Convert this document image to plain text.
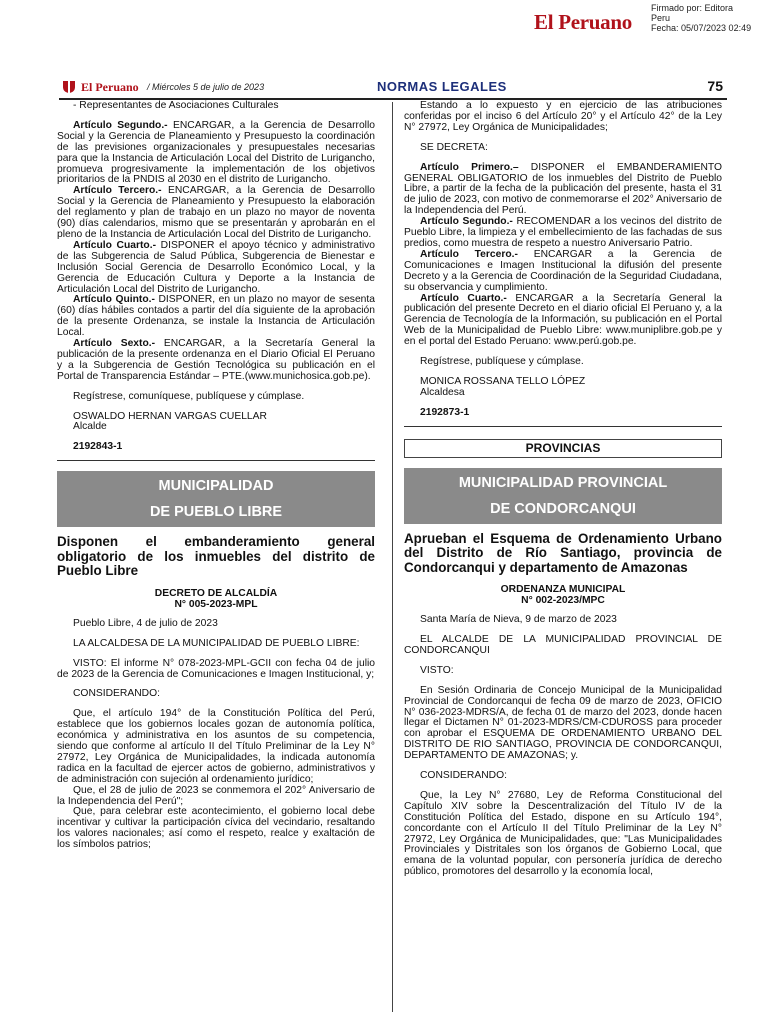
El Peruano
Firmado por: Editora
Peru
Fecha: 05/07/2023 02:49
El Peruano / Miércoles 5 de julio de 2023	NORMAS LEGALES	75

- Representantes de Asociaciones Culturales

Artículo Segundo.- ENCARGAR, a la Gerencia de Desarrollo Social y la Gerencia de Planeamiento y Presupuesto la coordinación de las previsiones organizacionales y presupuestales necesarias para que la Instancia de Articulación Local del Distrito de Lurigancho, promueva progresivamente la implementación de los objetivos prioritarios de la PNDIS al 2030 en el distrito de Lurigancho.

Artículo Tercero.- ENCARGAR, a la Gerencia de Desarrollo Social y la Gerencia de Planeamiento y Presupuesto la elaboración del reglamento y plan de trabajo en un plazo no mayor de noventa (90) días calendarios, mismo que se presentarán y aprobarán en el pleno de la Instancia de Articulación Local del Distrito de Lurigancho.

Artículo Cuarto.- DISPONER el apoyo técnico y administrativo de las Subgerencia de Salud Pública, Subgerencia de Bienestar e Inclusión Social Gerencia de Desarrollo Económico Local, y la Gerencia de Educación Cultura y Deporte a la Instancia de Articulación Local del Distrito de Lurigancho.

Artículo Quinto.- DISPONER, en un plazo no mayor de sesenta (60) días hábiles contados a partir del día siguiente de la aprobación de la presente Ordenanza, se instale la Instancia de Articulación Local.

Artículo Sexto.- ENCARGAR, a la Secretaría General la publicación de la presente ordenanza en el Diario Oficial El Peruano y a la Subgerencia de Gestión Tecnológica su publicación en el Portal de Transparencia Estándar – PTE.(www.munichosica.gob.pe).

Regístrese, comuníquese, publíquese y cúmplase.

OSWALDO HERNAN VARGAS CUELLAR

Alcalde

2192843-1

MUNICIPALIDAD
DE PUEBLO LIBRE
Disponen el embanderamiento general obligatorio de los inmuebles del distrito de Pueblo Libre
DECRETO DE ALCALDÍA
N° 005-2023-MPL

Pueblo Libre, 4 de julio de 2023

LA ALCALDESA DE LA MUNICIPALIDAD DE PUEBLO LIBRE:

VISTO: El informe N° 078-2023-MPL-GCII con fecha 04 de julio de 2023 de la Gerencia de Comunicaciones e Imagen Institucional, y;

CONSIDERANDO:

Que, el artículo 194° de la Constitución Política del Perú, establece que los gobiernos locales gozan de autonomía política, económica y administrativa en los asuntos de su competencia, siendo que conforme al artículo II del Título Preliminar de la Ley N° 27972, Ley Orgánica de Municipalidades, la indicada autonomía radica en la facultad de ejercer actos de gobierno, administrativos y de administración con sujeción al ordenamiento jurídico;

Que, el 28 de julio de 2023 se conmemora el 202° Aniversario de la Independencia del Perú";

Que, para celebrar este acontecimiento, el gobierno local debe incentivar y cultivar la participación cívica del vecindario, resaltando los valores nacionales; así como el respeto, realce y exaltación de los símbolos patrios;

Estando a lo expuesto y en ejercicio de las atribuciones conferidas por el inciso 6 del Artículo 20° y el Artículo 42° de la Ley N° 27972, Ley Orgánica de Municipalidades;

SE DECRETA:

Artículo Primero.– DISPONER el EMBANDERAMIENTO GENERAL OBLIGATORIO de los inmuebles del Distrito de Pueblo Libre, a partir de la fecha de la publicación del presente, hasta el 31 de julio de 2023, con motivo de conmemorarse el 202° Aniversario de la Independencia del Perú.

Artículo Segundo.- RECOMENDAR a los vecinos del distrito de Pueblo Libre, la limpieza y el embellecimiento de las fachadas de sus predios, como muestra de respeto a nuestro Aniversario Patrio.

Artículo Tercero.- ENCARGAR a la Gerencia de Comunicaciones e Imagen Institucional la difusión del presente Decreto y a la Gerencia de Coordinación de la Seguridad Ciudadana, su observancia y cumplimiento.

Artículo Cuarto.- ENCARGAR a la Secretaría General la publicación del presente Decreto en el diario oficial El Peruano y, a la Gerencia de Tecnología de la Información, su publicación en el Portal Web de la Municipalidad de Pueblo Libre: www.muniplibre.gob.pe y en el portal del Estado Peruano: www.perú.gob.pe.

Regístrese, publíquese y cúmplase.

MONICA ROSSANA TELLO LÓPEZ

Alcaldesa

2192873-1

PROVINCIAS
MUNICIPALIDAD PROVINCIAL
DE CONDORCANQUI
Aprueban el Esquema de Ordenamiento Urbano del Distrito de Río Santiago, provincia de Condorcanqui y departamento de Amazonas
ORDENANZA MUNICIPAL
N° 002-2023/MPC

Santa María de Nieva, 9 de marzo de 2023

EL ALCALDE DE LA MUNICIPALIDAD PROVINCIAL DE CONDORCANQUI

VISTO:

En Sesión Ordinaria de Concejo Municipal de la Municipalidad Provincial de Condorcanqui de fecha 09 de marzo de 2023, OFICIO N° 036-2023-MDRS/A, de fecha 01 de marzo del 2023, donde hacen llegar el Dictamen N° 01-2023-MDRS/CM-CDUROSS para proceder con aprobar el ESQUEMA DE ORDENAMIENTO URBANO DEL DISTRITO DE RIO SANTIAGO, PROVINCIA DE CONDORCANQUI, DEPARTAMENTO DE AMAZONAS; y.

CONSIDERANDO:

Que, la Ley N° 27680, Ley de Reforma Constitucional del Capítulo XIV sobre la Descentralización del Título IV de la Constitución Política del Estado, dispone en su Artículo 194°, concordante con el Artículo II del Título Preliminar de la Ley N° 27972, Ley Orgánica de Municipalidades, que: "Las Municipalidades Provinciales y Distritales son los órganos de Gobierno Local, que emana de la voluntad popular, con personería jurídica de derecho público, promotores del desarrollo y la economía local,
